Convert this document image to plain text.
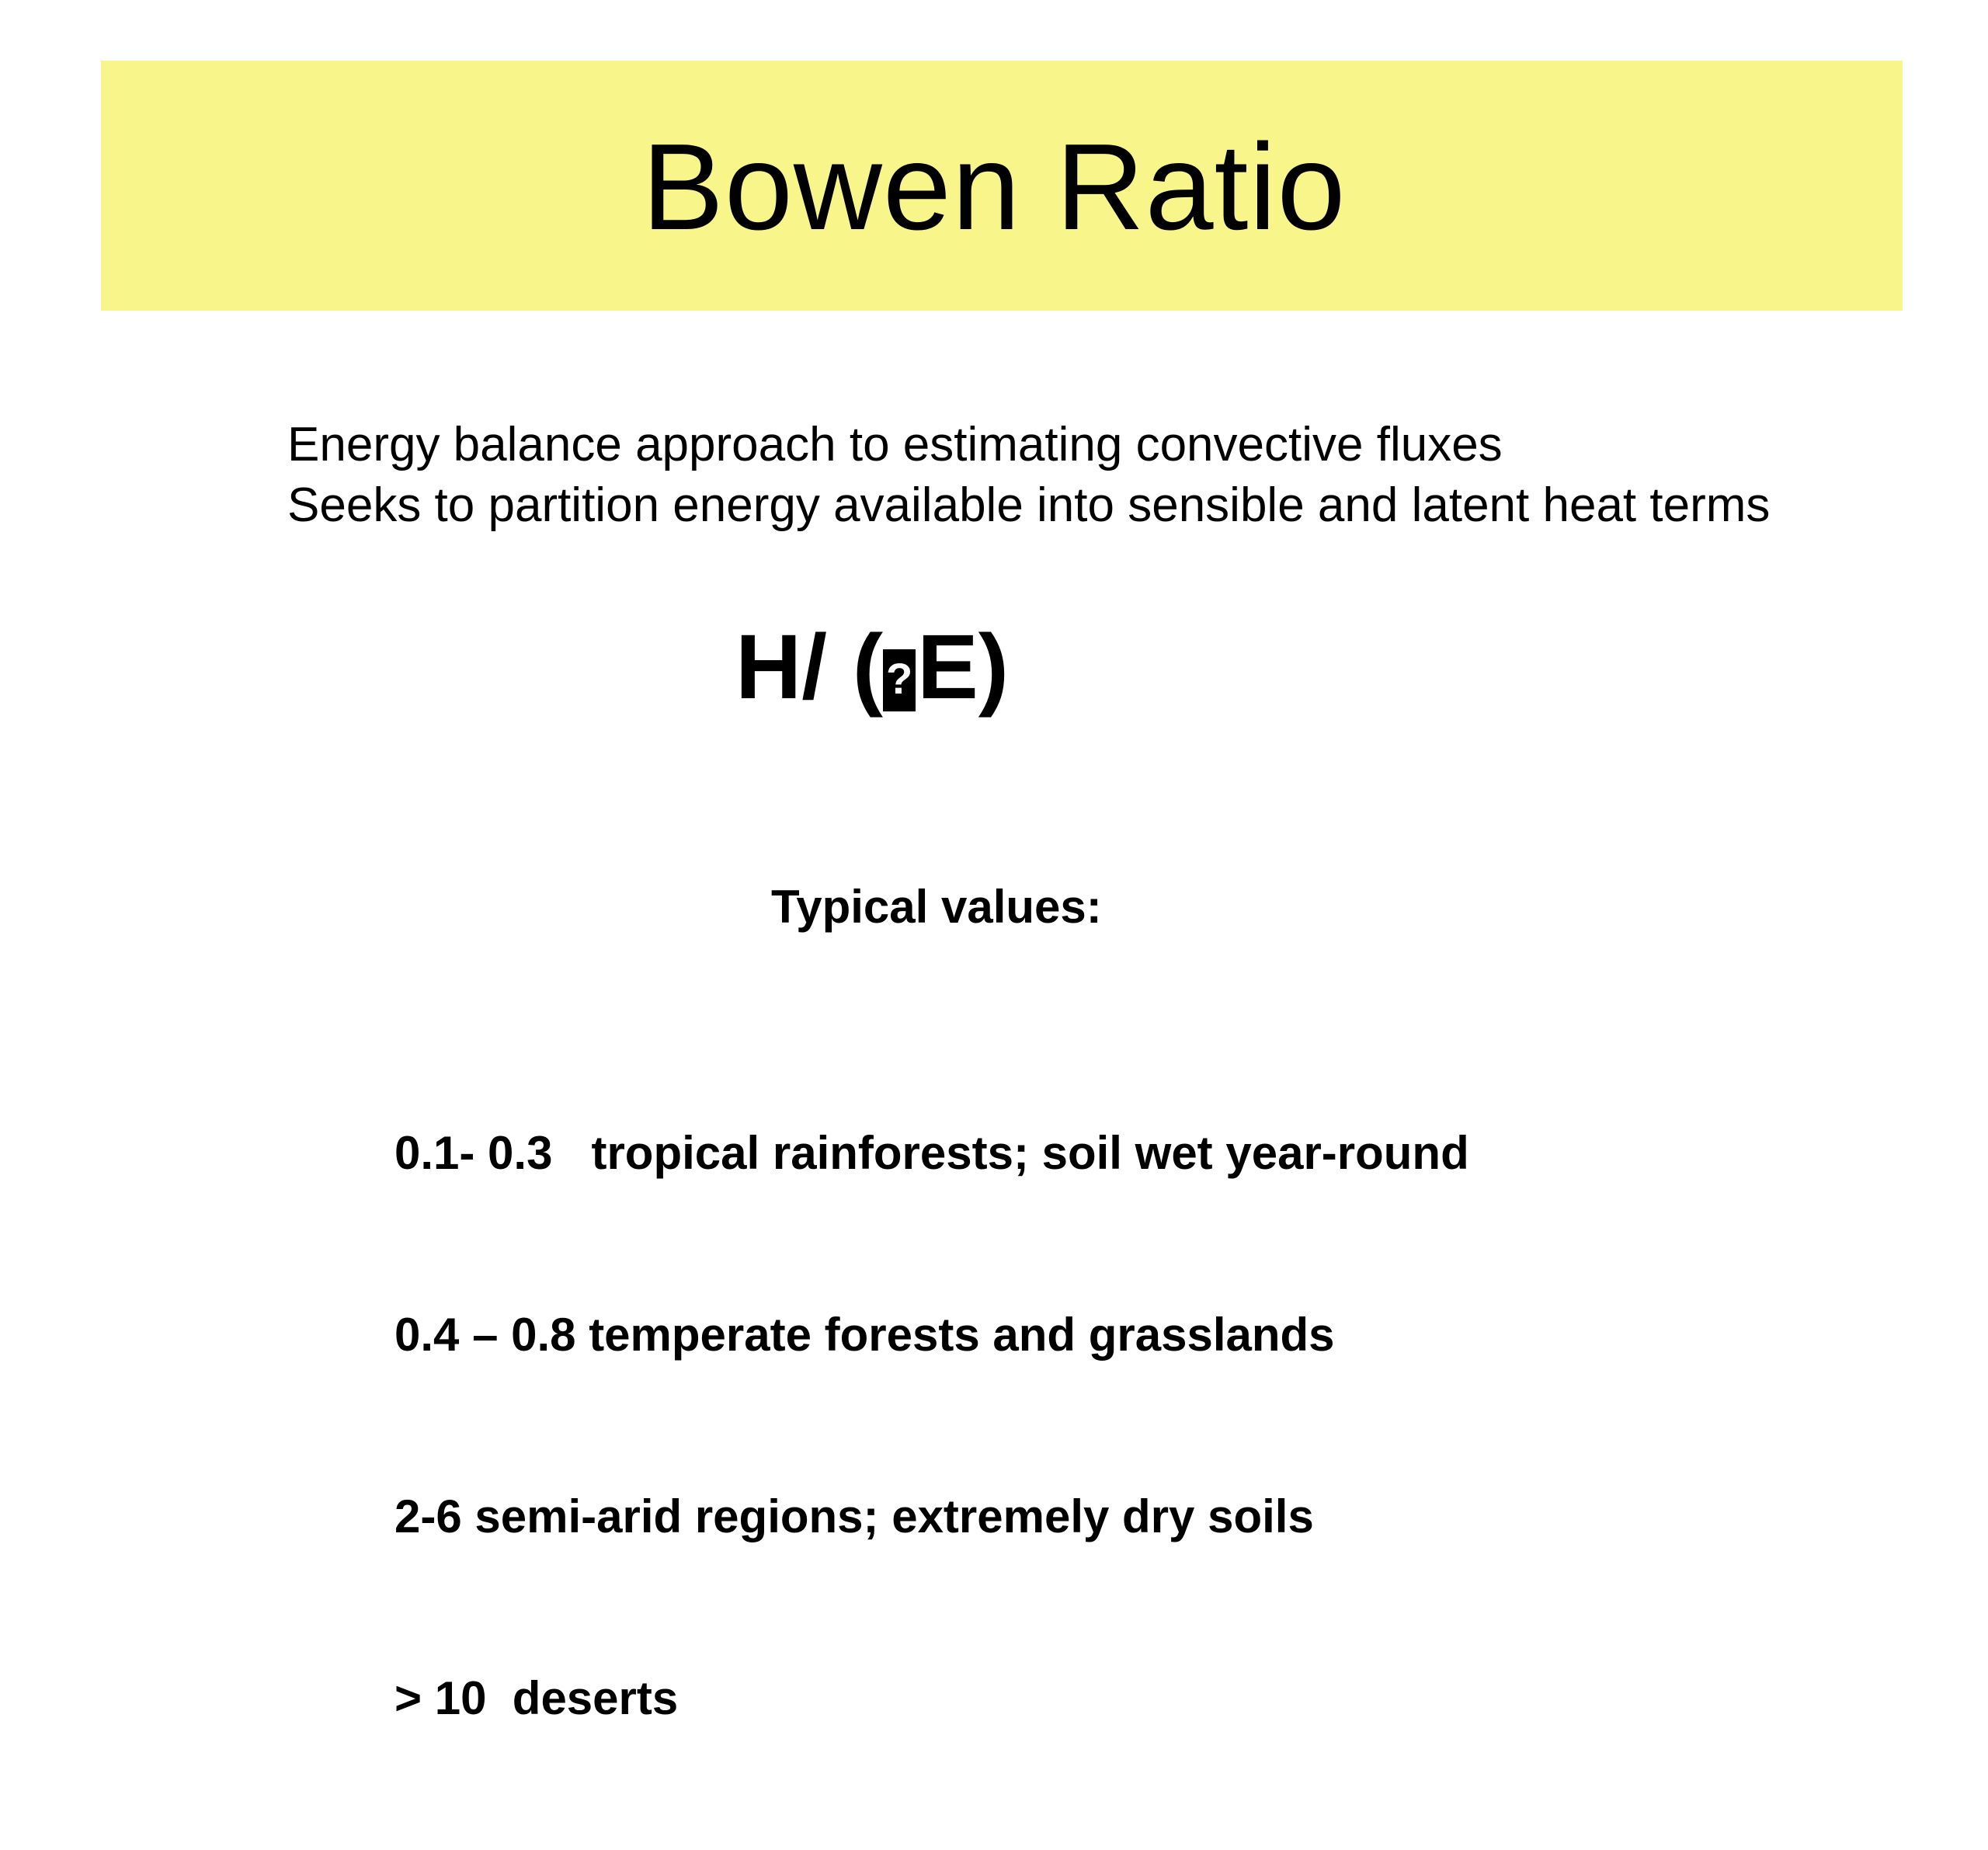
Bowen Ratio
Energy balance approach to estimating convective fluxes
Seeks to partition energy available into sensible and latent heat terms
H/ (?E)
Typical values:

0.1- 0.3   tropical rainforests; soil wet year-round

0.4 – 0.8 temperate forests and grasslands

2-6 semi-arid regions; extremely dry soils

> 10  deserts
